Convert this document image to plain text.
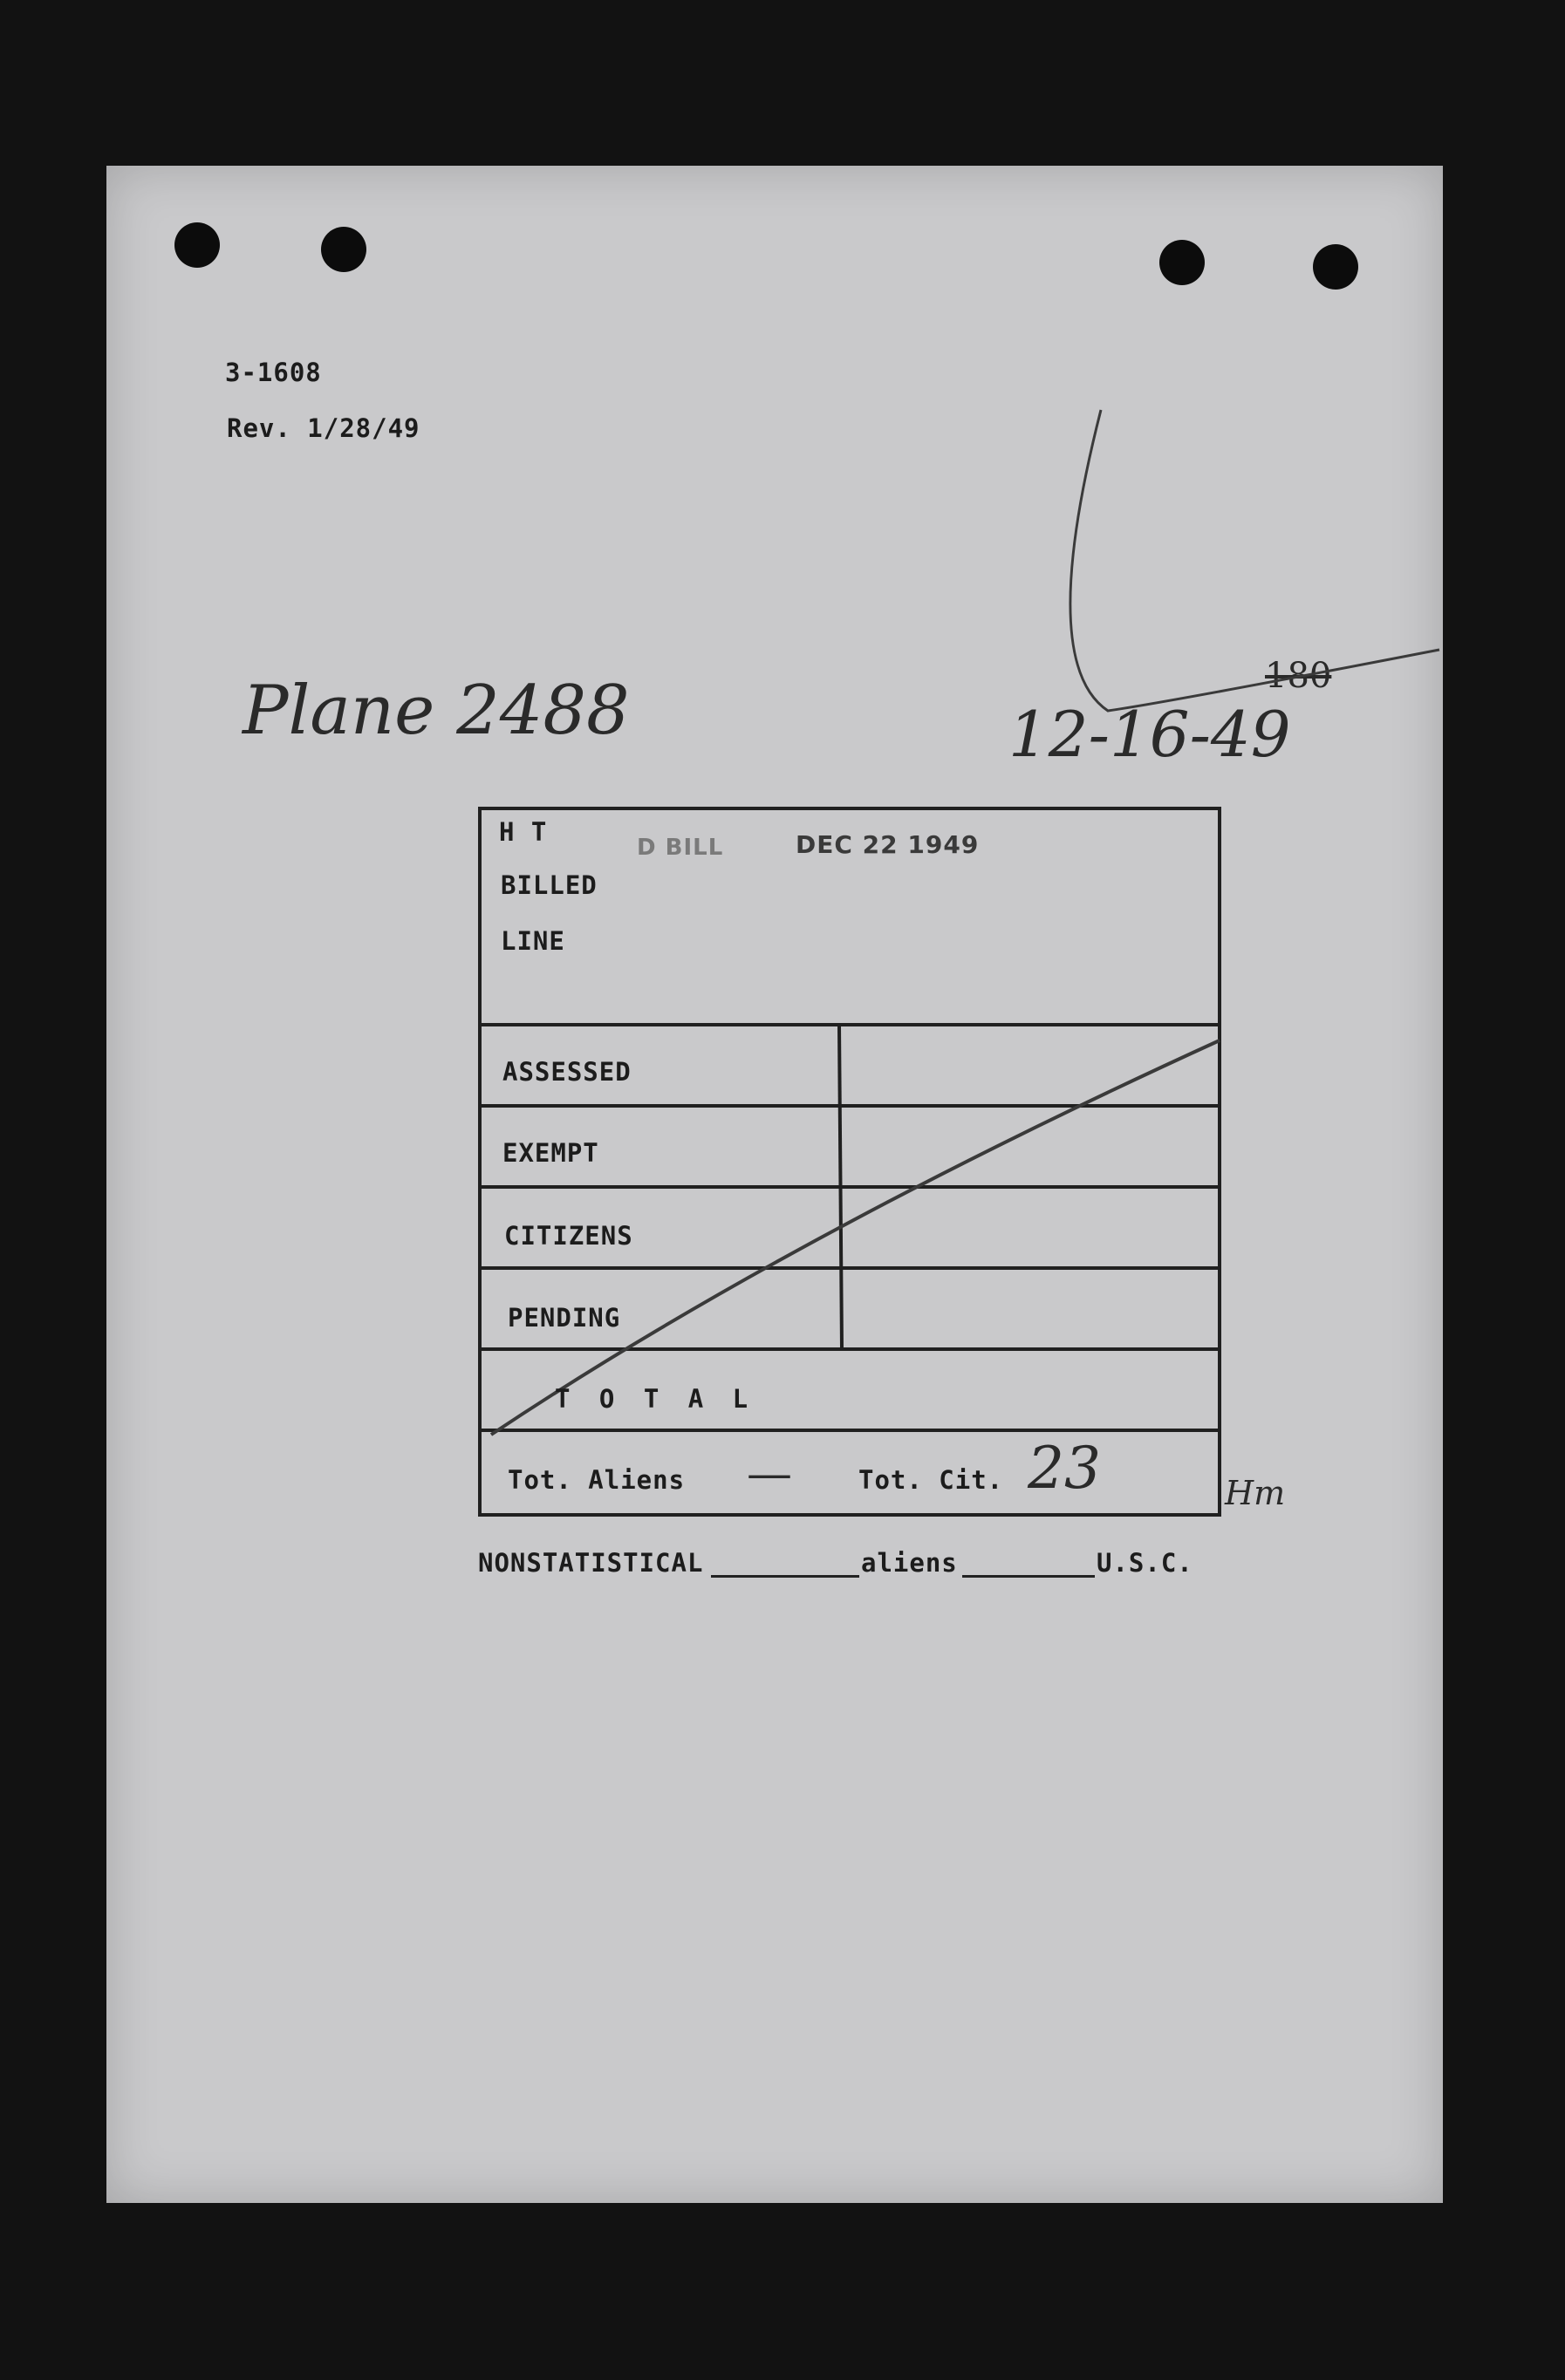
3-1608
Rev. 1/28/49
Plane 2488	12-16-49
180
D BILL	DEC 22 1949
H T
BILLED
LINE
ASSESSED
EXEMPT
CITIZENS
PENDING
T O T A L
Tot. Aliens —	Tot. Cit. 23	Hm
NONSTATISTICAL	aliens	U.S.C.
